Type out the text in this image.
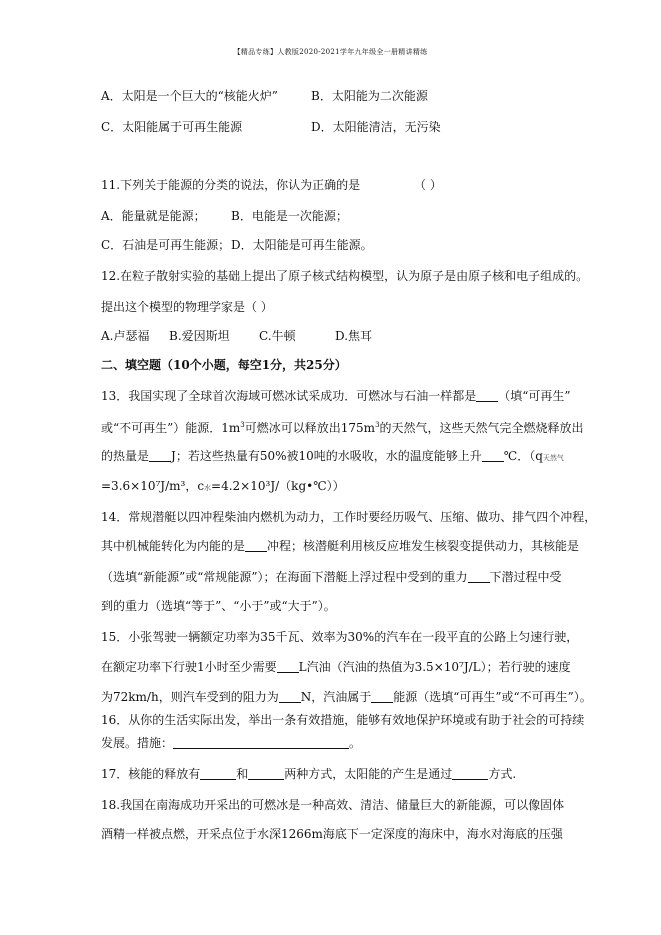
【精品专练】人教版2020-2021学年九年级全一册精讲精练
A．太阳是一个巨大的“核能火炉”	B．太阳能为二次能源
C．太阳能属于可再生能源	D．太阳能清洁，无污染
11.下列关于能源的分类的说法，你认为正确的是	（ ）
A．能量就是能源； B．电能是一次能源；
C．石油是可再生能源；D．太阳能是可再生能源。
12.在粒子散射实验的基础上提出了原子核式结构模型，认为原子是由原子核和电子组成的。
提出这个模型的物理学家是（ ）
A.卢瑟福 B.爱因斯坦 C.牛顿	D.焦耳
二、填空题（10个小题，每空1分，共25分）
13．我国实现了全球首次海域可燃冰试采成功．可燃冰与石油一样都是 （填“可再生”
或“不可再生”）能源．$1m^3$可燃冰可以释放出$175m^3$的天然气，这些天然气完全燃烧释放出
的热量是 J；若这些热量有50%被10吨的水吸收，水的温度能够上升 ℃．（q天然气
=3.6×10⁷J/m³，c水=4.2×10³J/（kg•℃））
14．常规潜艇以四冲程柴油内燃机为动力，工作时要经历吸气、压缩、做功、排气四个冲程，
其中机械能转化为内能的是 冲程；核潜艇利用核反应堆发生核裂变提供动力，其核能是
（选填“新能源”或“常规能源”）；在海面下潜艇上浮过程中受到的重力 下潜过程中受
到的重力（选填“等于”、“小于”或“大于”）。
15．小张驾驶一辆额定功率为35千瓦、效率为30%的汽车在一段平直的公路上匀速行驶，
在额定功率下行驶1小时至少需要 L汽油（汽油的热值为3.5×10⁷J/L）；若行驶的速度
为72km/h，则汽车受到的阻力为 N，汽油属于 能源（选填“可再生”或“不可再生”）。
16．从你的生活实际出发，举出一条有效措施，能够有效地保护环境或有助于社会的可持续
发展。措施：	。
17．核能的释放有	和	两种方式，太阳能的产生是通过	方式.
18.我国在南海成功开采出的可燃冰是一种高效、清洁、储量巨大的新能源，可以像固体
酒精一样被点燃，开采点位于水深1266m海底下一定深度的海床中，海水对海底的压强
